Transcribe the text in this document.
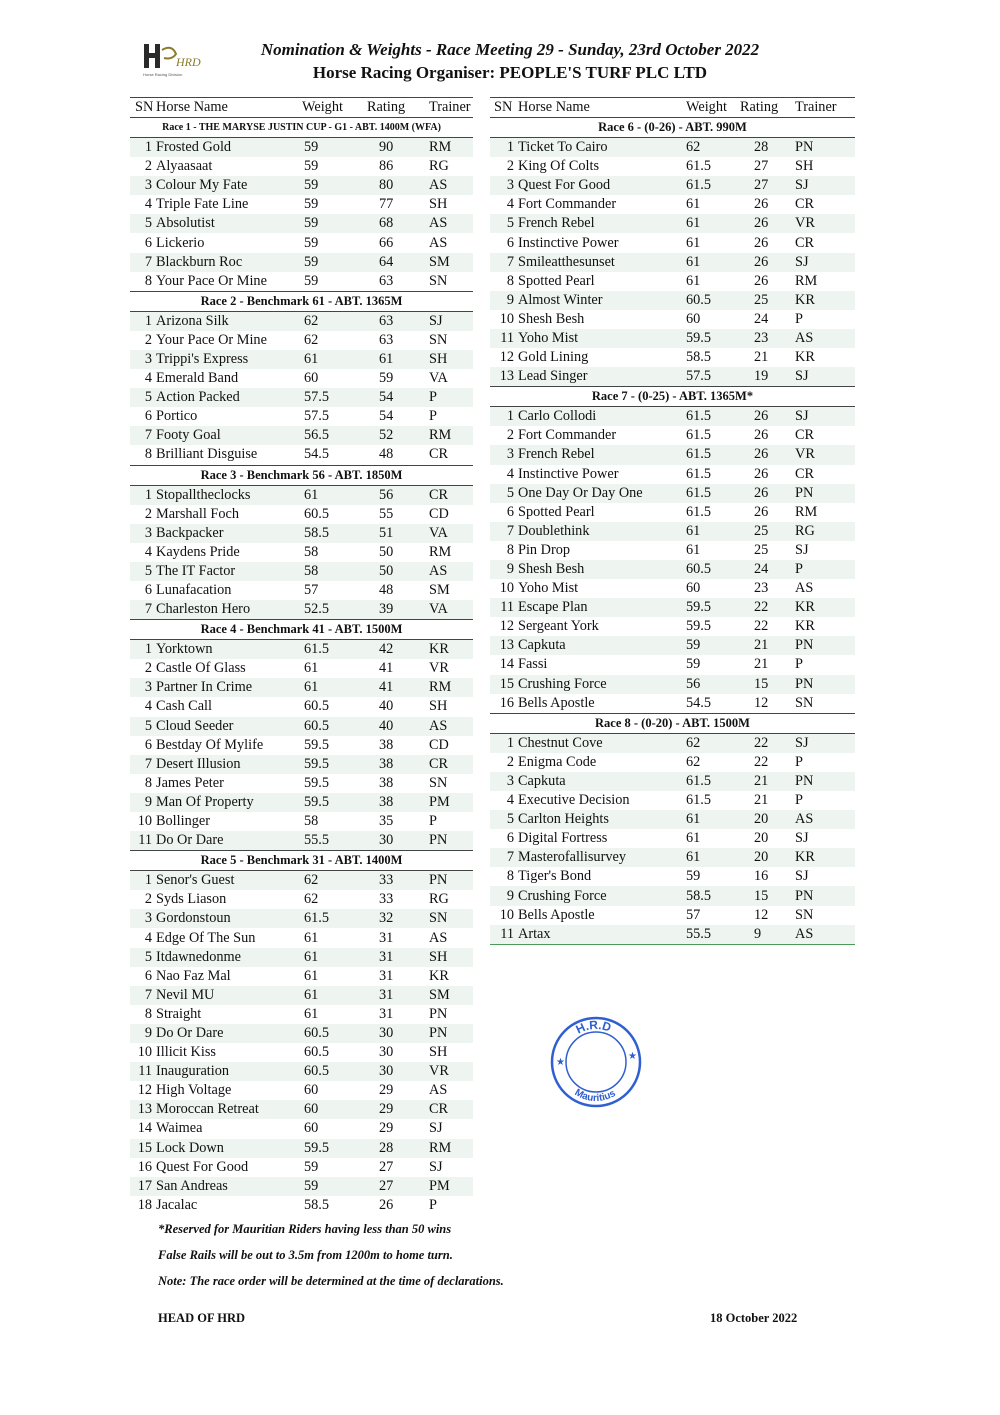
HRD
Horse Racing Division
Nomination & Weights - Race Meeting 29 - Sunday, 23rd October 2022
Horse Racing Organiser: PEOPLE'S TURF PLC LTD
SN	Horse Name	Weight	Rating	Trainer
Race 1 - THE MARYSE JUSTIN CUP - G1 - ABT. 1400M (WFA)				
1	Frosted Gold	59	90	RM
2	Alyaasaat	59	86	RG
3	Colour My Fate	59	80	AS
4	Triple Fate Line	59	77	SH
5	Absolutist	59	68	AS
6	Lickerio	59	66	AS
7	Blackburn Roc	59	64	SM
8	Your Pace Or Mine	59	63	SN
Race 2 - Benchmark 61 - ABT. 1365M				
1	Arizona Silk	62	63	SJ
2	Your Pace Or Mine	62	63	SN
3	Trippi's Express	61	61	SH
4	Emerald Band	60	59	VA
5	Action Packed	57.5	54	P
6	Portico	57.5	54	P
7	Footy Goal	56.5	52	RM
8	Brilliant Disguise	54.5	48	CR
Race 3 - Benchmark 56 - ABT. 1850M				
1	Stopalltheclocks	61	56	CR
2	Marshall Foch	60.5	55	CD
3	Backpacker	58.5	51	VA
4	Kaydens Pride	58	50	RM
5	The IT Factor	58	50	AS
6	Lunafacation	57	48	SM
7	Charleston Hero	52.5	39	VA
Race 4 - Benchmark 41 - ABT. 1500M				
1	Yorktown	61.5	42	KR
2	Castle Of Glass	61	41	VR
3	Partner In Crime	61	41	RM
4	Cash Call	60.5	40	SH
5	Cloud Seeder	60.5	40	AS
6	Bestday Of Mylife	59.5	38	CD
7	Desert Illusion	59.5	38	CR
8	James Peter	59.5	38	SN
9	Man Of Property	59.5	38	PM
10	Bollinger	58	35	P
11	Do Or Dare	55.5	30	PN
Race 5 - Benchmark 31 - ABT. 1400M				
1	Senor's Guest	62	33	PN
2	Syds Liason	62	33	RG
3	Gordonstoun	61.5	32	SN
4	Edge Of The Sun	61	31	AS
5	Itdawnedonme	61	31	SH
6	Nao Faz Mal	61	31	KR
7	Nevil MU	61	31	SM
8	Straight	61	31	PN
9	Do Or Dare	60.5	30	PN
10	Illicit Kiss	60.5	30	SH
11	Inauguration	60.5	30	VR
12	High Voltage	60	29	AS
13	Moroccan Retreat	60	29	CR
14	Waimea	60	29	SJ
15	Lock Down	59.5	28	RM
16	Quest For Good	59	27	SJ
17	San Andreas	59	27	PM
18	Jacalac	58.5	26	P
SN	Horse Name	Weight	Rating	Trainer
Race 6 - (0-26) - ABT. 990M				
1	Ticket To Cairo	62	28	PN
2	King Of Colts	61.5	27	SH
3	Quest For Good	61.5	27	SJ
4	Fort Commander	61	26	CR
5	French Rebel	61	26	VR
6	Instinctive Power	61	26	CR
7	Smileatthesunset	61	26	SJ
8	Spotted Pearl	61	26	RM
9	Almost Winter	60.5	25	KR
10	Shesh Besh	60	24	P
11	Yoho Mist	59.5	23	AS
12	Gold Lining	58.5	21	KR
13	Lead Singer	57.5	19	SJ
Race 7 - (0-25) - ABT. 1365M*				
1	Carlo Collodi	61.5	26	SJ
2	Fort Commander	61.5	26	CR
3	French Rebel	61.5	26	VR
4	Instinctive Power	61.5	26	CR
5	One Day Or Day One	61.5	26	PN
6	Spotted Pearl	61.5	26	RM
7	Doublethink	61	25	RG
8	Pin Drop	61	25	SJ
9	Shesh Besh	60.5	24	P
10	Yoho Mist	60	23	AS
11	Escape Plan	59.5	22	KR
12	Sergeant York	59.5	22	KR
13	Capkuta	59	21	PN
14	Fassi	59	21	P
15	Crushing Force	56	15	PN
16	Bells Apostle	54.5	12	SN
Race 8 - (0-20) - ABT. 1500M				
1	Chestnut Cove	62	22	SJ
2	Enigma Code	62	22	P
3	Capkuta	61.5	21	PN
4	Executive Decision	61.5	21	P
5	Carlton Heights	61	20	AS
6	Digital Fortress	61	20	SJ
7	Masterofallisurvey	61	20	KR
8	Tiger's Bond	59	16	SJ
9	Crushing Force	58.5	15	PN
10	Bells Apostle	57	12	SN
11	Artax	55.5	9	AS
H.R.D
Mauritius
★
★
*Reserved for Mauritian Riders having less than 50 wins
False Rails will be out to 3.5m from 1200m to home turn.
Note: The race order will be determined at the time of declarations.
HEAD OF HRD	18 October 2022
